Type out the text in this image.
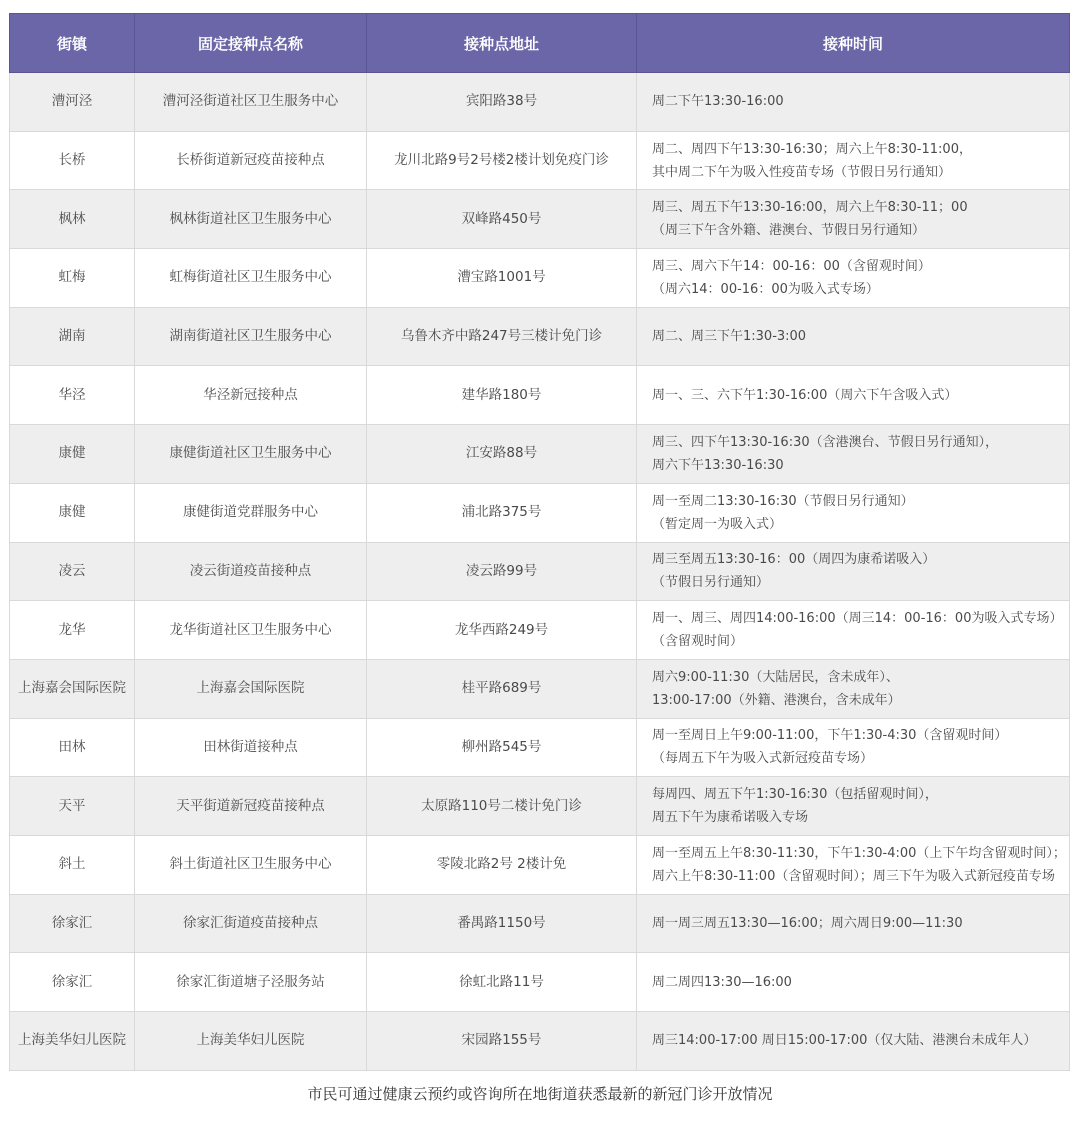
街镇	固定接种点名称	接种点地址	接种时间
漕河泾	漕河泾街道社区卫生服务中心	宾阳路38号	周二下午13:30-16:00

长桥	长桥街道新冠疫苗接种点	龙川北路9号2号楼2楼计划免疫门诊	周二、周四下午13:30-16:30；周六上午8:30-11:00，
其中周二下午为吸入性疫苗专场（节假日另行通知）

枫林	枫林街道社区卫生服务中心	双峰路450号	周三、周五下午13:30-16:00，周六上午8:30-11；00
（周三下午含外籍、港澳台、节假日另行通知）

虹梅	虹梅街道社区卫生服务中心	漕宝路1001号	周三、周六下午14：00-16：00（含留观时间）
（周六14：00-16：00为吸入式专场）

湖南	湖南街道社区卫生服务中心	乌鲁木齐中路247号三楼计免门诊	周二、周三下午1:30-3:00

华泾	华泾新冠接种点	建华路180号	周一、三、六下午1:30-16:00（周六下午含吸入式）

康健	康健街道社区卫生服务中心	江安路88号	周三、四下午13:30-16:30（含港澳台、节假日另行通知），
周六下午13:30-16:30

康健	康健街道党群服务中心	浦北路375号	周一至周二13:30-16:30（节假日另行通知）
（暂定周一为吸入式）

凌云	凌云街道疫苗接种点	凌云路99号	周三至周五13:30-16：00（周四为康希诺吸入）
（节假日另行通知）

龙华	龙华街道社区卫生服务中心	龙华西路249号	周一、周三、周四14:00-16:00（周三14：00-16：00为吸入式专场）
（含留观时间）

上海嘉会国际医院	上海嘉会国际医院	桂平路689号	周六9:00-11:30（大陆居民，含未成年）、
13:00-17:00（外籍、港澳台，含未成年）

田林	田林街道接种点	柳州路545号	周一至周日上午9:00-11:00，下午1:30-4:30（含留观时间）
（每周五下午为吸入式新冠疫苗专场）

天平	天平街道新冠疫苗接种点	太原路110号二楼计免门诊	每周四、周五下午1:30-16:30（包括留观时间），
周五下午为康希诺吸入专场

斜土	斜土街道社区卫生服务中心	零陵北路2号 2楼计免	周一至周五上午8:30-11:30，下午1:30-4:00（上下午均含留观时间）；
周六上午8:30-11:00（含留观时间）；周三下午为吸入式新冠疫苗专场

徐家汇	徐家汇街道疫苗接种点	番禺路1150号	周一周三周五13:30—16:00；周六周日9:00—11:30

徐家汇	徐家汇街道塘子泾服务站	徐虹北路11号	周二周四13:30—16:00

上海美华妇儿医院	上海美华妇儿医院	宋园路155号	周三14:00-17:00 周日15:00-17:00（仅大陆、港澳台未成年人）
市民可通过健康云预约或咨询所在地街道获悉最新的新冠门诊开放情况
